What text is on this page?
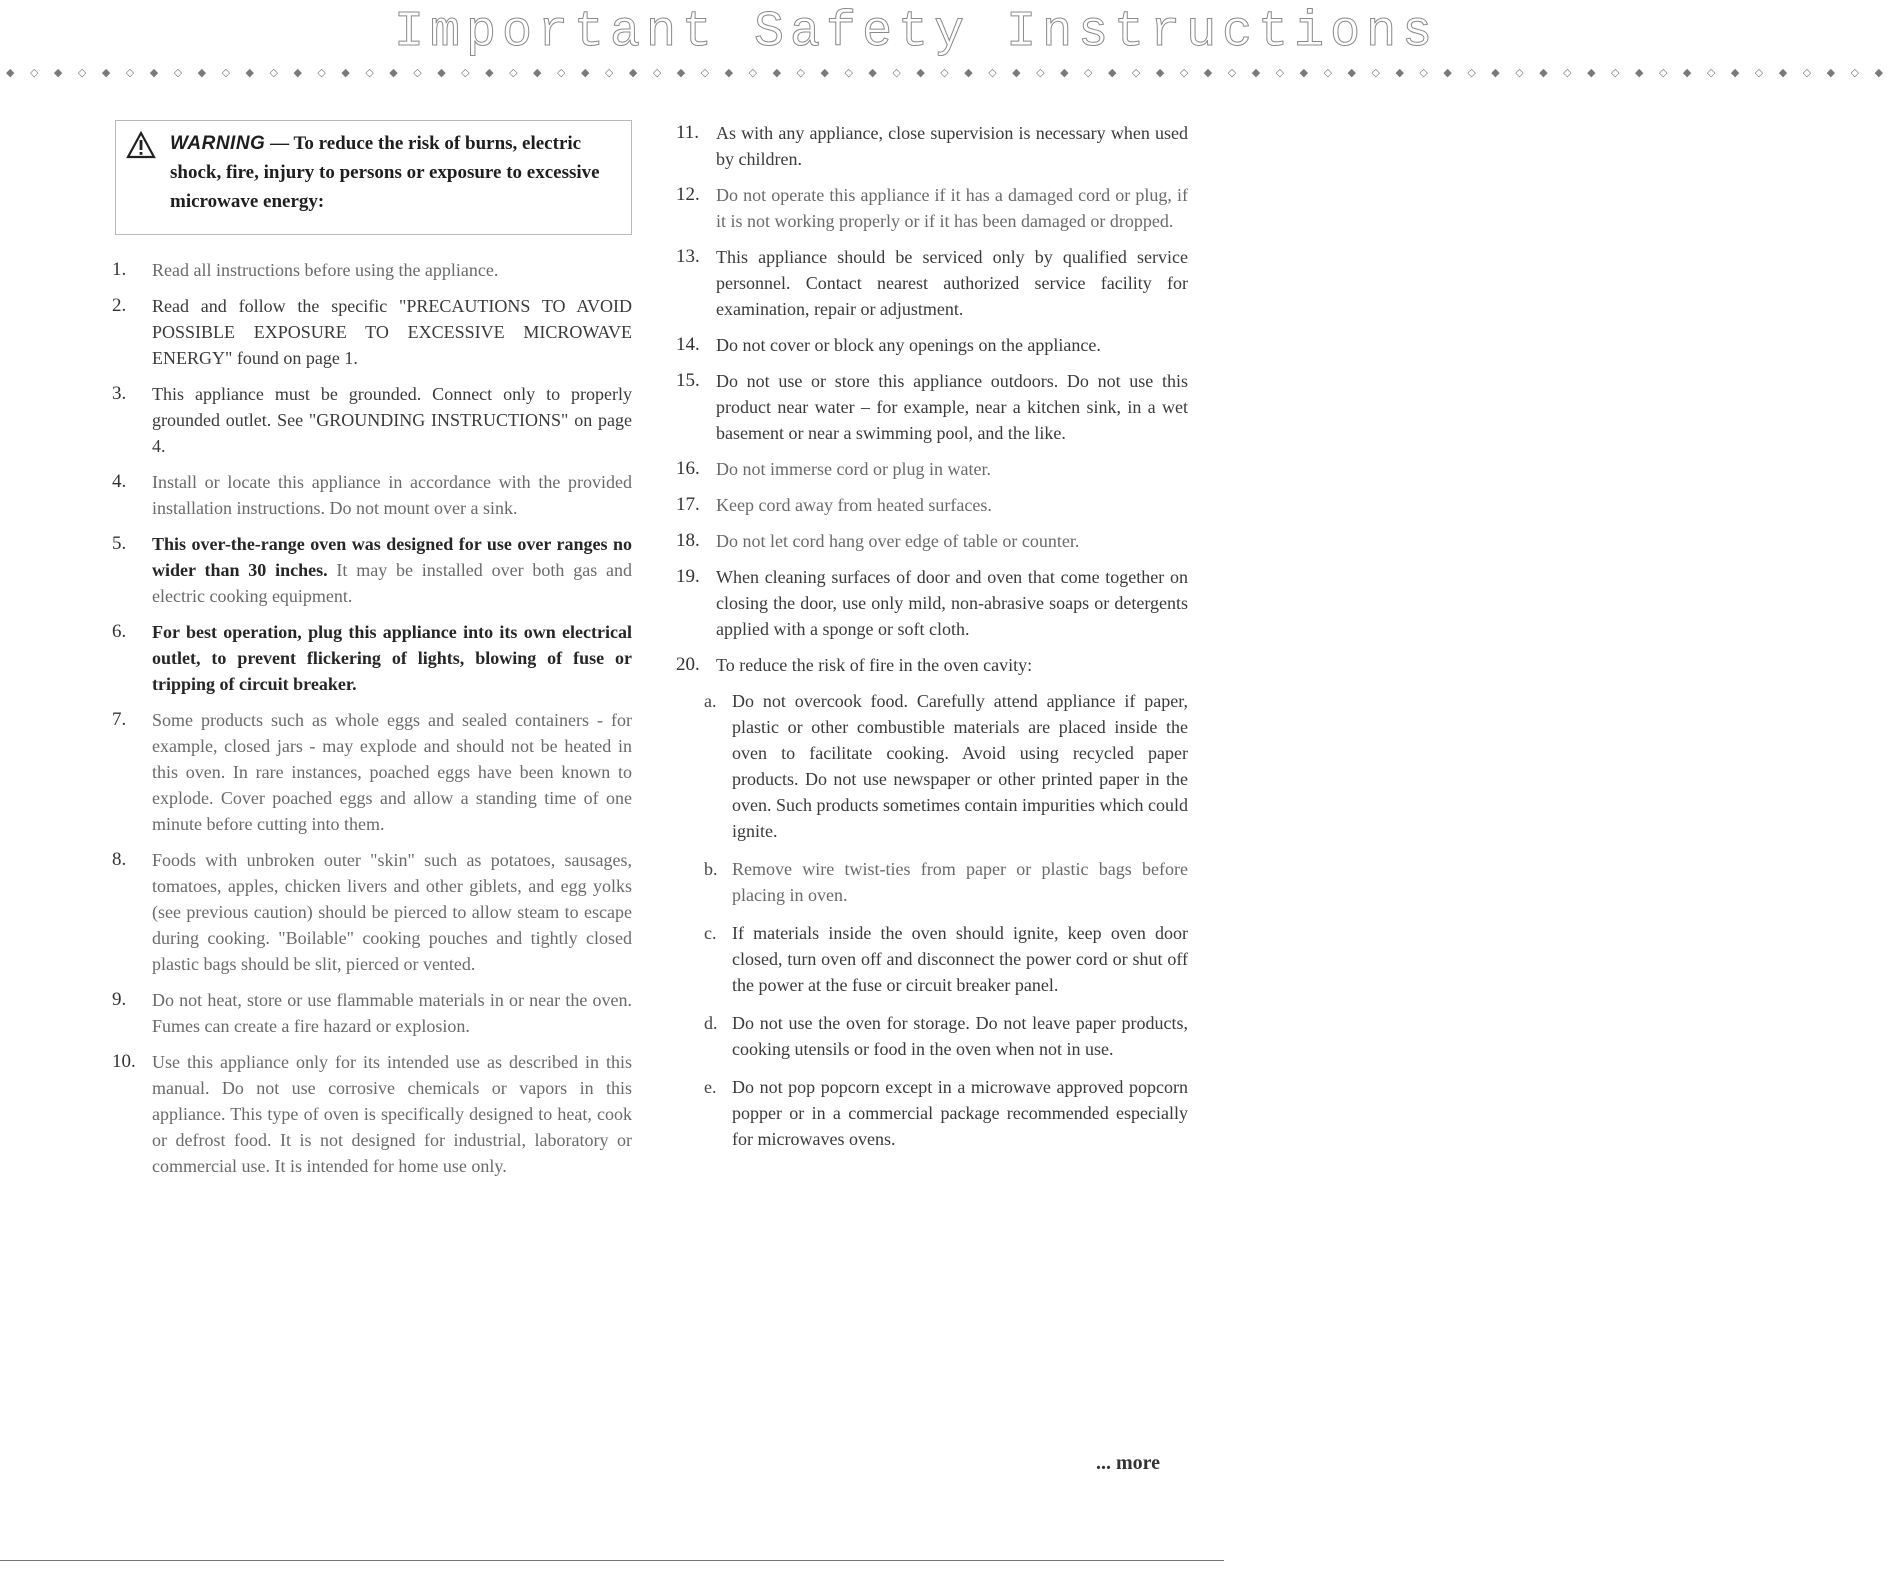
Important Safety Instructions
◆ ◇ ◆ ◇ ◆ ◇ ◆ ◇ ◆ ◇ ◆ ◇ ◆ ◇ ◆ ◇ ◆ ◇ ◆ ◇ ◆ ◇ ◆ ◇ ◆ ◇ ◆ ◇ ◆ ◇ ◆ ◇ ◆ ◇ ◆ ◇ ◆ ◇ ◆ ◇ ◆ ◇ ◆ ◇ ◆ ◇ ◆ ◇ ◆ ◇ ◆ ◇ ◆ ◇ ◆ ◇ ◆ ◇ ◆ ◇ ◆ ◇ ◆ ◇ ◆ ◇ ◆ ◇ ◆ ◇ ◆ ◇ ◆ ◇ ◆ ◇ ◆ ◇ ◆
WARNING — To reduce the risk of burns, electric shock, fire, injury to persons or exposure to excessive microwave energy:
1.	Read all instructions before using the appliance.
2.	Read and follow the specific "PRECAUTIONS TO AVOID POSSIBLE EXPOSURE TO EXCESSIVE MICROWAVE ENERGY" found on page 1.
3.	This appliance must be grounded. Connect only to properly grounded outlet. See "GROUNDING INSTRUCTIONS" on page 4.
4.	Install or locate this appliance in accordance with the provided installation instructions. Do not mount over a sink.
5.	This over-the-range oven was designed for use over ranges no wider than 30 inches. It may be installed over both gas and electric cooking equipment.
6.	For best operation, plug this appliance into its own electrical outlet, to prevent flickering of lights, blowing of fuse or tripping of circuit breaker.
7.	Some products such as whole eggs and sealed containers - for example, closed jars - may explode and should not be heated in this oven. In rare instances, poached eggs have been known to explode. Cover poached eggs and allow a standing time of one minute before cutting into them.
8.	Foods with unbroken outer "skin" such as potatoes, sausages, tomatoes, apples, chicken livers and other giblets, and egg yolks (see previous caution) should be pierced to allow steam to escape during cooking. "Boilable" cooking pouches and tightly closed plastic bags should be slit, pierced or vented.
9.	Do not heat, store or use flammable materials in or near the oven. Fumes can create a fire hazard or explosion.
10. Use this appliance only for its intended use as described in this manual. Do not use corrosive chemicals or vapors in this appliance. This type of oven is specifically designed to heat, cook or defrost food. It is not designed for industrial, laboratory or commercial use. It is intended for home use only.
11. As with any appliance, close supervision is necessary when used by children.
12. Do not operate this appliance if it has a damaged cord or plug, if it is not working properly or if it has been damaged or dropped.
13. This appliance should be serviced only by qualified service personnel. Contact nearest authorized service facility for examination, repair or adjustment.
14. Do not cover or block any openings on the appliance.
15. Do not use or store this appliance outdoors. Do not use this product near water – for example, near a kitchen sink, in a wet basement or near a swimming pool, and the like.
16. Do not immerse cord or plug in water.
17. Keep cord away from heated surfaces.
18. Do not let cord hang over edge of table or counter.
19. When cleaning surfaces of door and oven that come together on closing the door, use only mild, non-abrasive soaps or detergents applied with a sponge or soft cloth.
20. To reduce the risk of fire in the oven cavity:
a. Do not overcook food. Carefully attend appliance if paper, plastic or other combustible materials are placed inside the oven to facilitate cooking. Avoid using recycled paper products. Do not use newspaper or other printed paper in the oven. Such products sometimes contain impurities which could ignite.
b. Remove wire twist-ties from paper or plastic bags before placing in oven.
c. If materials inside the oven should ignite, keep oven door closed, turn oven off and disconnect the power cord or shut off the power at the fuse or circuit breaker panel.
d. Do not use the oven for storage. Do not leave paper products, cooking utensils or food in the oven when not in use.
e. Do not pop popcorn except in a microwave approved popcorn popper or in a commercial package recommended especially for microwaves ovens.
... more
